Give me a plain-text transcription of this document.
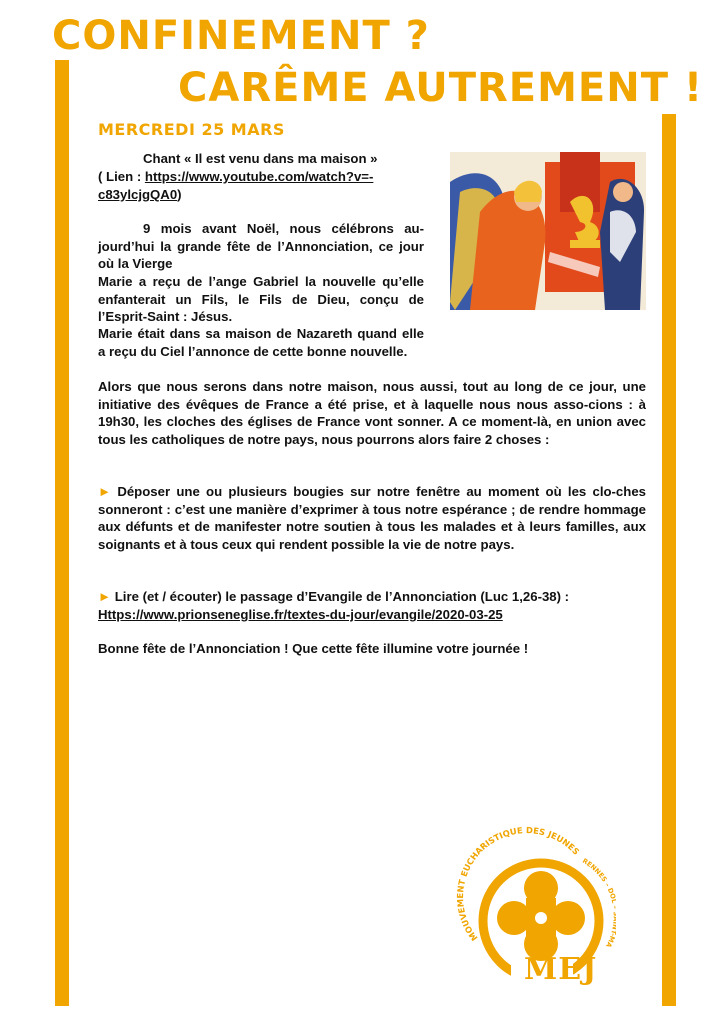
CONFINEMENT ?
CARÊME AUTREMENT !
MERCREDI 25 MARS
Chant « Il est venu dans ma maison »
( Lien : https://www.youtube.com/watch?v=-
c83ylcjgQA0)
9 mois avant Noël, nous célébrons au-jourd’hui la grande fête de l’Annonciation, ce jour où la Vierge
Marie a reçu de l’ange Gabriel la nouvelle qu’elle enfanterait un Fils, le Fils de Dieu, conçu de l’Esprit-Saint : Jésus.
Marie était dans sa maison de Nazareth quand elle a reçu du Ciel l’annonce de cette bonne nouvelle.
Alors que nous serons dans notre maison, nous aussi, tout au long de ce jour, une initiative des évêques de France a été prise, et à laquelle nous nous asso-cions : à 19h30, les cloches des églises de France vont sonner. A ce moment-là, en union avec tous les catholiques de notre pays, nous pourrons alors faire 2 choses :
► Déposer une ou plusieurs bougies sur notre fenêtre au moment où les clo-ches sonneront : c’est une manière d’exprimer à tous notre espérance ; de rendre hommage aux défunts et de manifester notre soutien à tous les malades et à leurs familles, aux soignants et à tous ceux qui rendent possible la vie de notre pays.
► Lire (et / écouter) le passage d’Evangile de l’Annonciation (Luc 1,26-38) :
Https://www.prionseneglise.fr/textes-du-jour/evangile/2020-03-25
Bonne fête de l’Annonciation ! Que cette fête illumine votre journée !
MOUVEMENT EUCHARISTIQUE DES JEUNES
RENNES – D MA
MEJ
